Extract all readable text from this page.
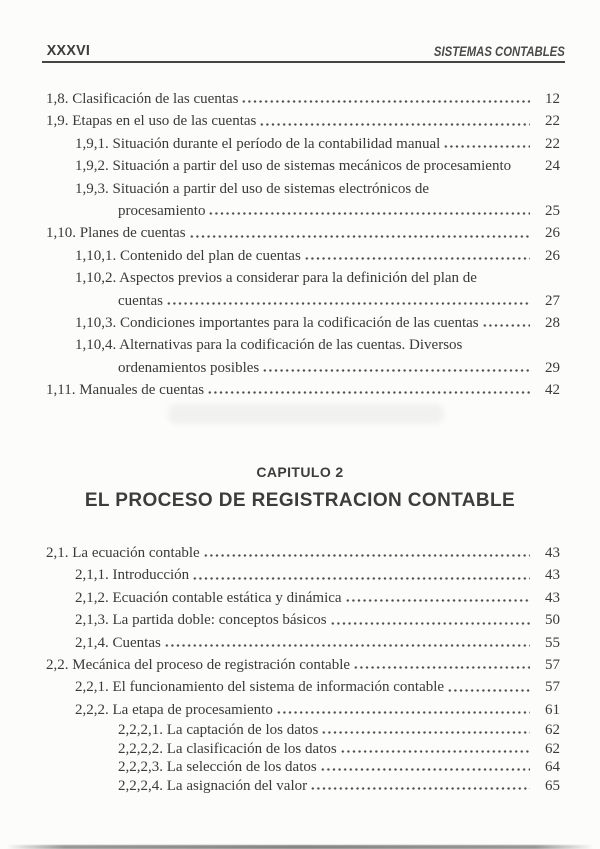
XXXVI	SISTEMAS CONTABLES
1,8. Clasificación de las cuentas	12
1,9. Etapas en el uso de las cuentas	22
1,9,1. Situación durante el período de la contabilidad manual	22
1,9,2. Situación a partir del uso de sistemas mecánicos de procesamiento	24
1,9,3. Situación a partir del uso de sistemas electrónicos de
procesamiento	25
1,10. Planes de cuentas	26
1,10,1. Contenido del plan de cuentas	26
1,10,2. Aspectos previos a considerar para la definición del plan de
cuentas	27
1,10,3. Condiciones importantes para la codificación de las cuentas	28
1,10,4. Alternativas para la codificación de las cuentas. Diversos
ordenamientos posibles	29
1,11. Manuales de cuentas	42
CAPITULO 2
EL PROCESO DE REGISTRACION CONTABLE
2,1. La ecuación contable	43
2,1,1. Introducción	43
2,1,2. Ecuación contable estática y dinámica	43
2,1,3. La partida doble: conceptos básicos	50
2,1,4. Cuentas	55
2,2. Mecánica del proceso de registración contable	57
2,2,1. El funcionamiento del sistema de información contable	57
2,2,2. La etapa de procesamiento	61
2,2,2,1. La captación de los datos	62
2,2,2,2. La clasificación de los datos	62
2,2,2,3. La selección de los datos	64
2,2,2,4. La asignación del valor	65
